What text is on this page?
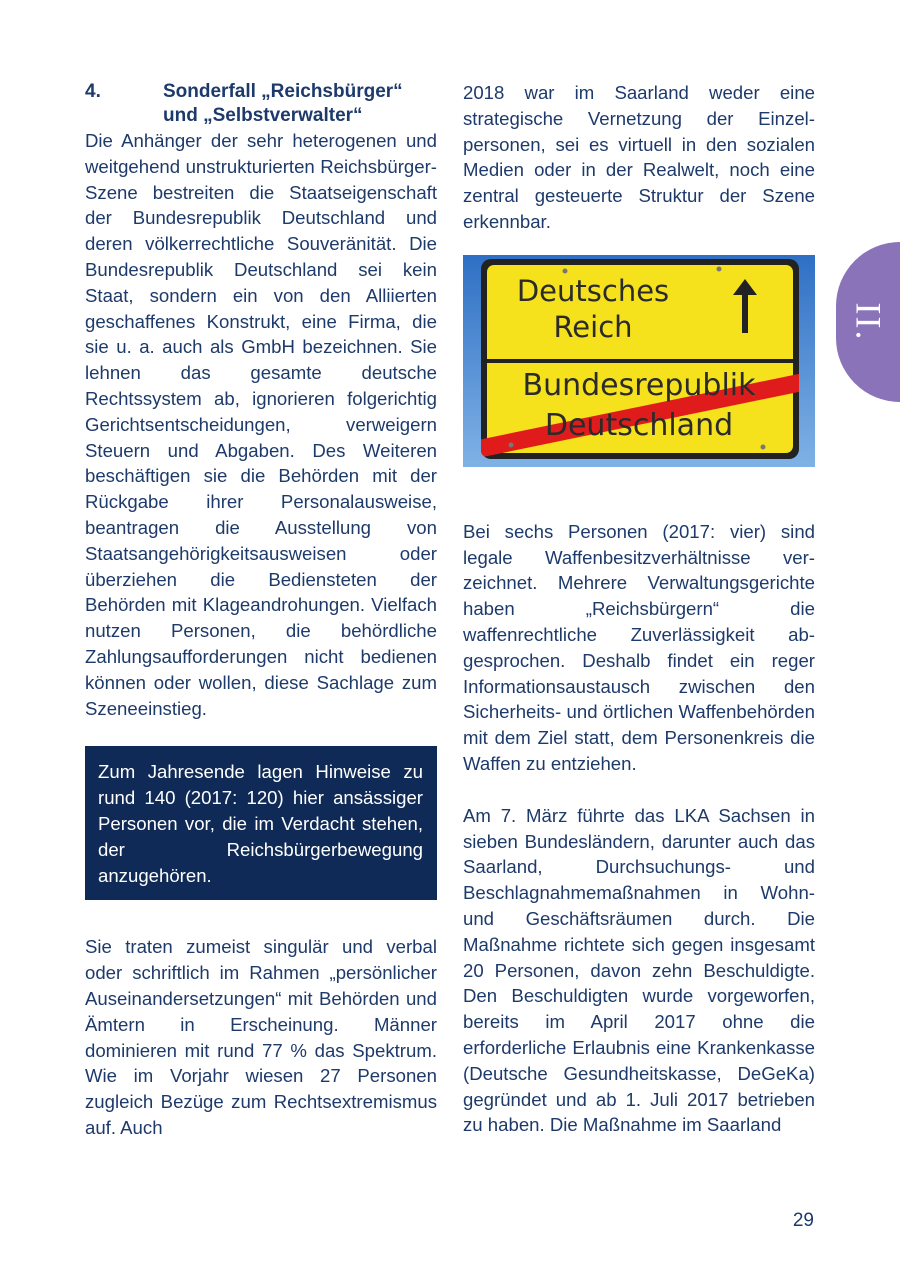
4.	Sonderfall „Reichsbürger“
und „Selbstverwalter“

Die Anhänger der sehr heterogenen und weitgehend unstrukturierten Reichsbürger-Szene bestreiten die Staatseigenschaft der Bundesrepublik Deutschland und deren völkerrechtliche Souveränität. Die Bundesrepublik Deutschland sei kein Staat, sondern ein von den Alliierten geschaffenes Konstrukt, eine Firma, die sie u. a. auch als GmbH bezeichnen. Sie lehnen das gesamte deutsche Rechtssystem ab, ignorieren folgerichtig Gerichtsentscheidungen, verweigern Steuern und Abgaben. Des Weiteren beschäftigen sie die Behörden mit der Rückgabe ihrer Personalausweise, beantragen die Ausstellung von Staatsangehörigkeitsausweisen oder überziehen die Bediensteten der Behörden mit Klageandrohungen. Vielfach nutzen Personen, die behördliche Zahlungsaufforderungen nicht bedienen können oder wollen, diese Sachlage zum Szeneeinstieg.

Zum Jahresende lagen Hinweise zu rund 140 (2017: 120) hier ansässiger Personen vor, die im Verdacht stehen, der Reichsbürgerbewegung anzugehören.

Sie traten zumeist singulär und verbal oder schriftlich im Rahmen „persönlicher Auseinandersetzungen“ mit Behörden und Ämtern in Erscheinung. Männer dominieren mit rund 77 % das Spektrum. Wie im Vorjahr wiesen 27 Personen zugleich Bezüge zum Rechtsextremismus auf. Auch

2018 war im Saarland weder eine strategische Vernetzung der Einzelpersonen, sei es virtuell in den sozialen Medien oder in der Realwelt, noch eine zentral gesteuerte Struktur der Szene erkennbar.

Deutsches
Reich
Bundesrepublik
Deutschland

Bei sechs Personen (2017: vier) sind legale Waffenbesitzverhältnisse verzeichnet. Mehrere Verwaltungsgerichte haben „Reichsbürgern“ die waffenrechtliche Zuverlässigkeit abgesprochen. Deshalb findet ein reger Informationsaustausch zwischen den Sicherheits- und örtlichen Waffenbehörden mit dem Ziel statt, dem Personenkreis die Waffen zu entziehen.

Am 7. März führte das LKA Sachsen in sieben Bundesländern, darunter auch das Saarland, Durchsuchungs- und Beschlagnahmemaßnahmen in Wohn- und Geschäftsräumen durch. Die Maßnahme richtete sich gegen insgesamt 20 Personen, davon zehn Beschuldigte. Den Beschuldigten wurde vorgeworfen, bereits im April 2017 ohne die erforderliche Erlaubnis eine Krankenkasse (Deutsche Gesundheitskasse, DeGeKa) gegründet und ab 1. Juli 2017 betrieben zu haben. Die Maßnahme im Saarland

II.
29
